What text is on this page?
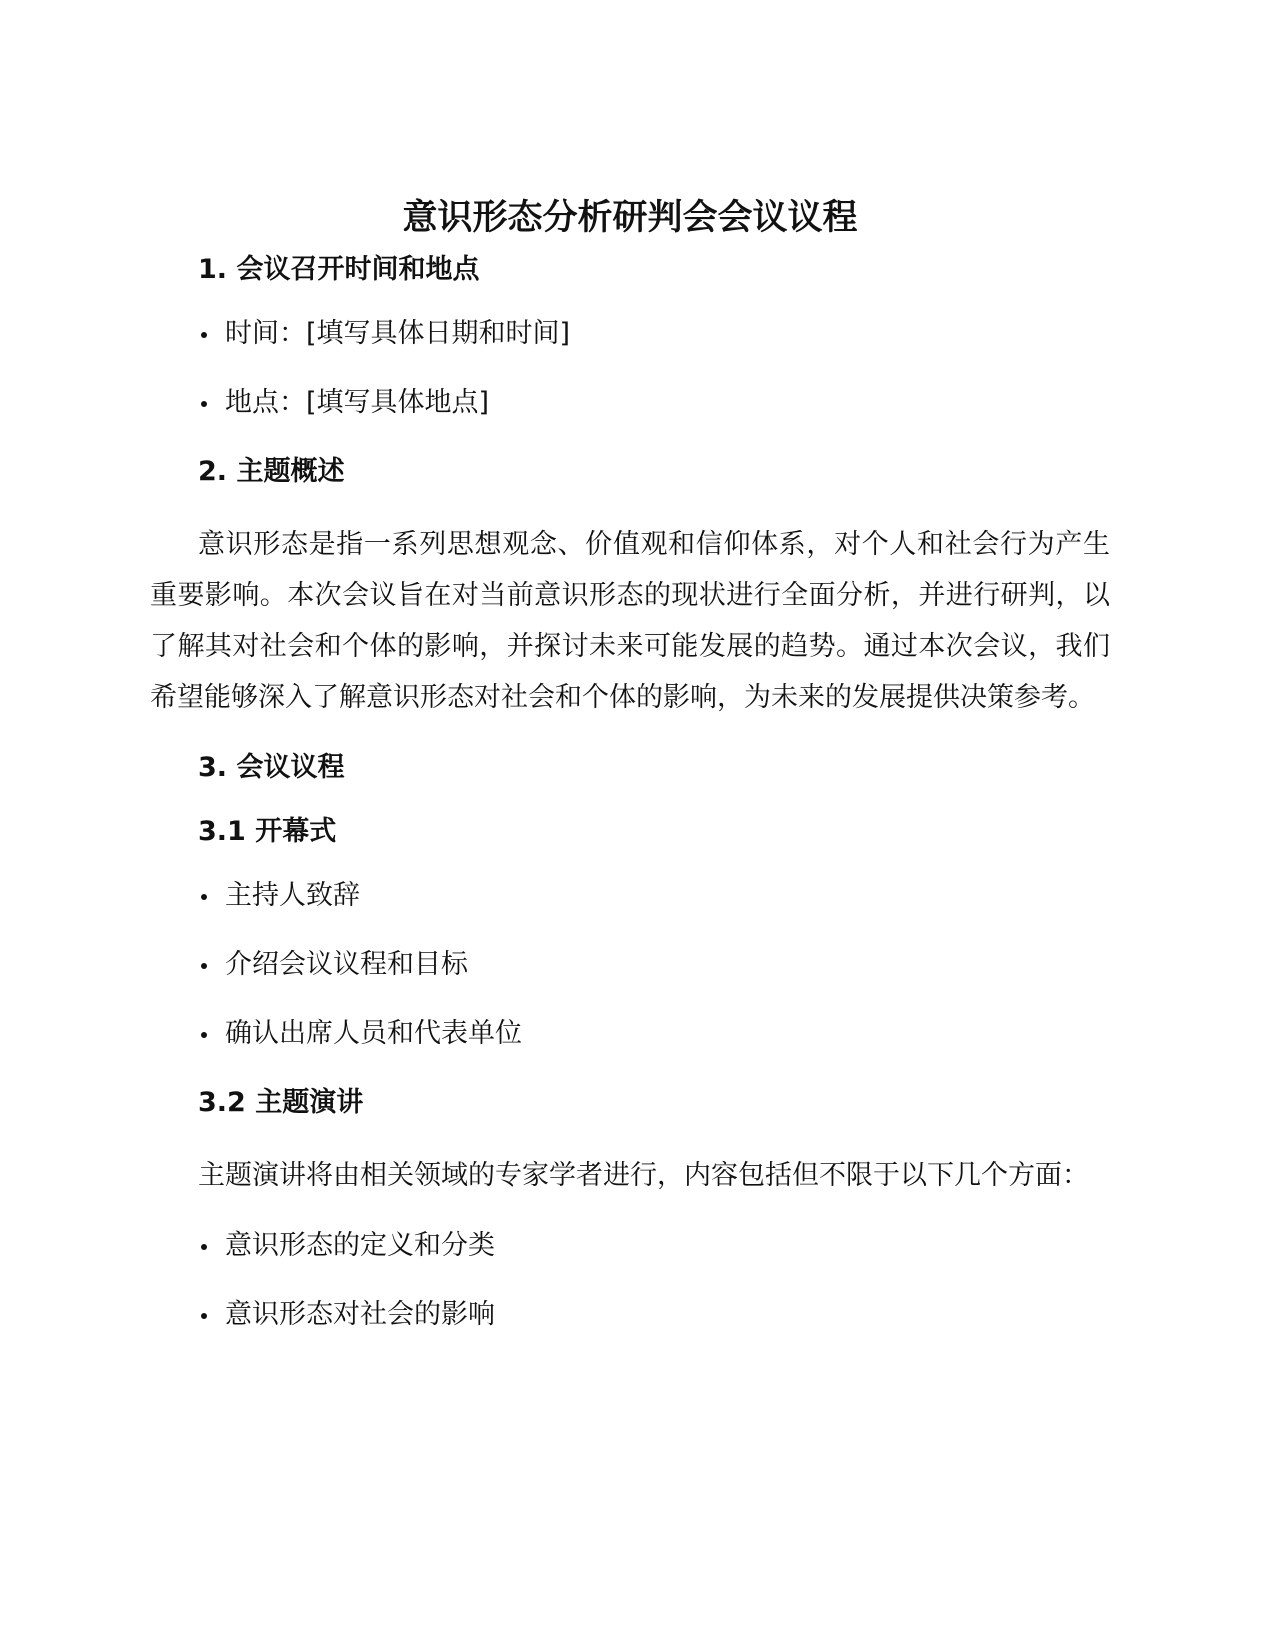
意识形态分析研判会会议议程
1. 会议召开时间和地点
时间：[填写具体日期和时间]
地点：[填写具体地点]
2. 主题概述

意识形态是指一系列思想观念、价值观和信仰体系，对个人和社会行为产生重要影响。本次会议旨在对当前意识形态的现状进行全面分析，并进行研判，以了解其对社会和个体的影响，并探讨未来可能发展的趋势。通过本次会议，我们希望能够深入了解意识形态对社会和个体的影响，为未来的发展提供决策参考。

3. 会议议程
3.1 开幕式
主持人致辞
介绍会议议程和目标
确认出席人员和代表单位
3.2 主题演讲

主题演讲将由相关领域的专家学者进行，内容包括但不限于以下几个方面：

意识形态的定义和分类
意识形态对社会的影响
